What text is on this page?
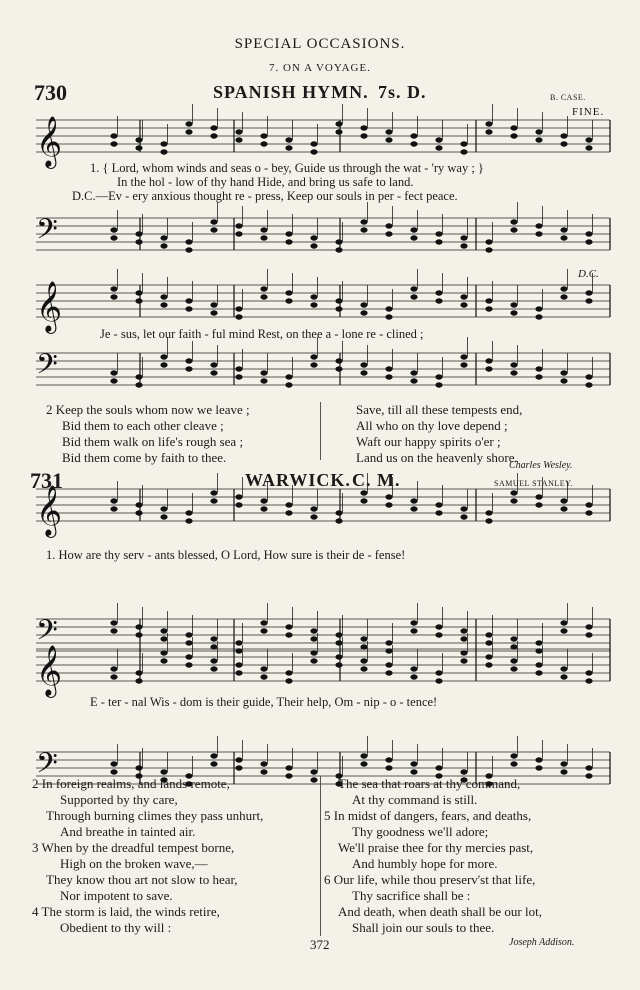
𝄞
𝄢
𝄞
𝄢
𝄞
𝄢
𝄞
𝄢
SPECIAL OCCASIONS.
7. ON A VOYAGE.
730	SPANISH HYMN. 7s. D.	B. CASE.
FINE.
D.C.
1. { Lord, whom winds and seas o - bey, Guide us through the wat - 'ry way ; }
In the hol - low of thy hand Hide, and bring us safe to land.
D.C.—Ev - ery anxious thought re - press, Keep our souls in per - fect peace.
Je - sus, let our faith - ful mind Rest, on thee a - lone re - clined ;
2 Keep the souls whom now we leave ;
Bid them to each other cleave ;
Bid them walk on life's rough sea ;
Bid them come by faith to thee.
Save, till all these tempests end,
All who on thy love depend ;
Waft our happy spirits o'er ;
Land us on the heavenly shore.
Charles Wesley.
731	WARWICK. C. M.	SAMUEL STANLEY.
1. How are thy serv - ants blessed, O Lord, How sure is their de - fense!
E - ter - nal Wis - dom is their guide, Their help, Om - nip - o - tence!
2 In foreign realms, and lands remote,
Supported by thy care,
Through burning climes they pass unhurt,
And breathe in tainted air.
3 When by the dreadful tempest borne,
High on the broken wave,—
They know thou art not slow to hear,
Nor impotent to save.
4 The storm is laid, the winds retire,
Obedient to thy will :
The sea that roars at thy command,
At thy command is still.
5 In midst of dangers, fears, and deaths,
Thy goodness we'll adore;
We'll praise thee for thy mercies past,
And humbly hope for more.
6 Our life, while thou preserv'st that life,
Thy sacrifice shall be :
And death, when death shall be our lot,
Shall join our souls to thee.
Joseph Addison.
372
